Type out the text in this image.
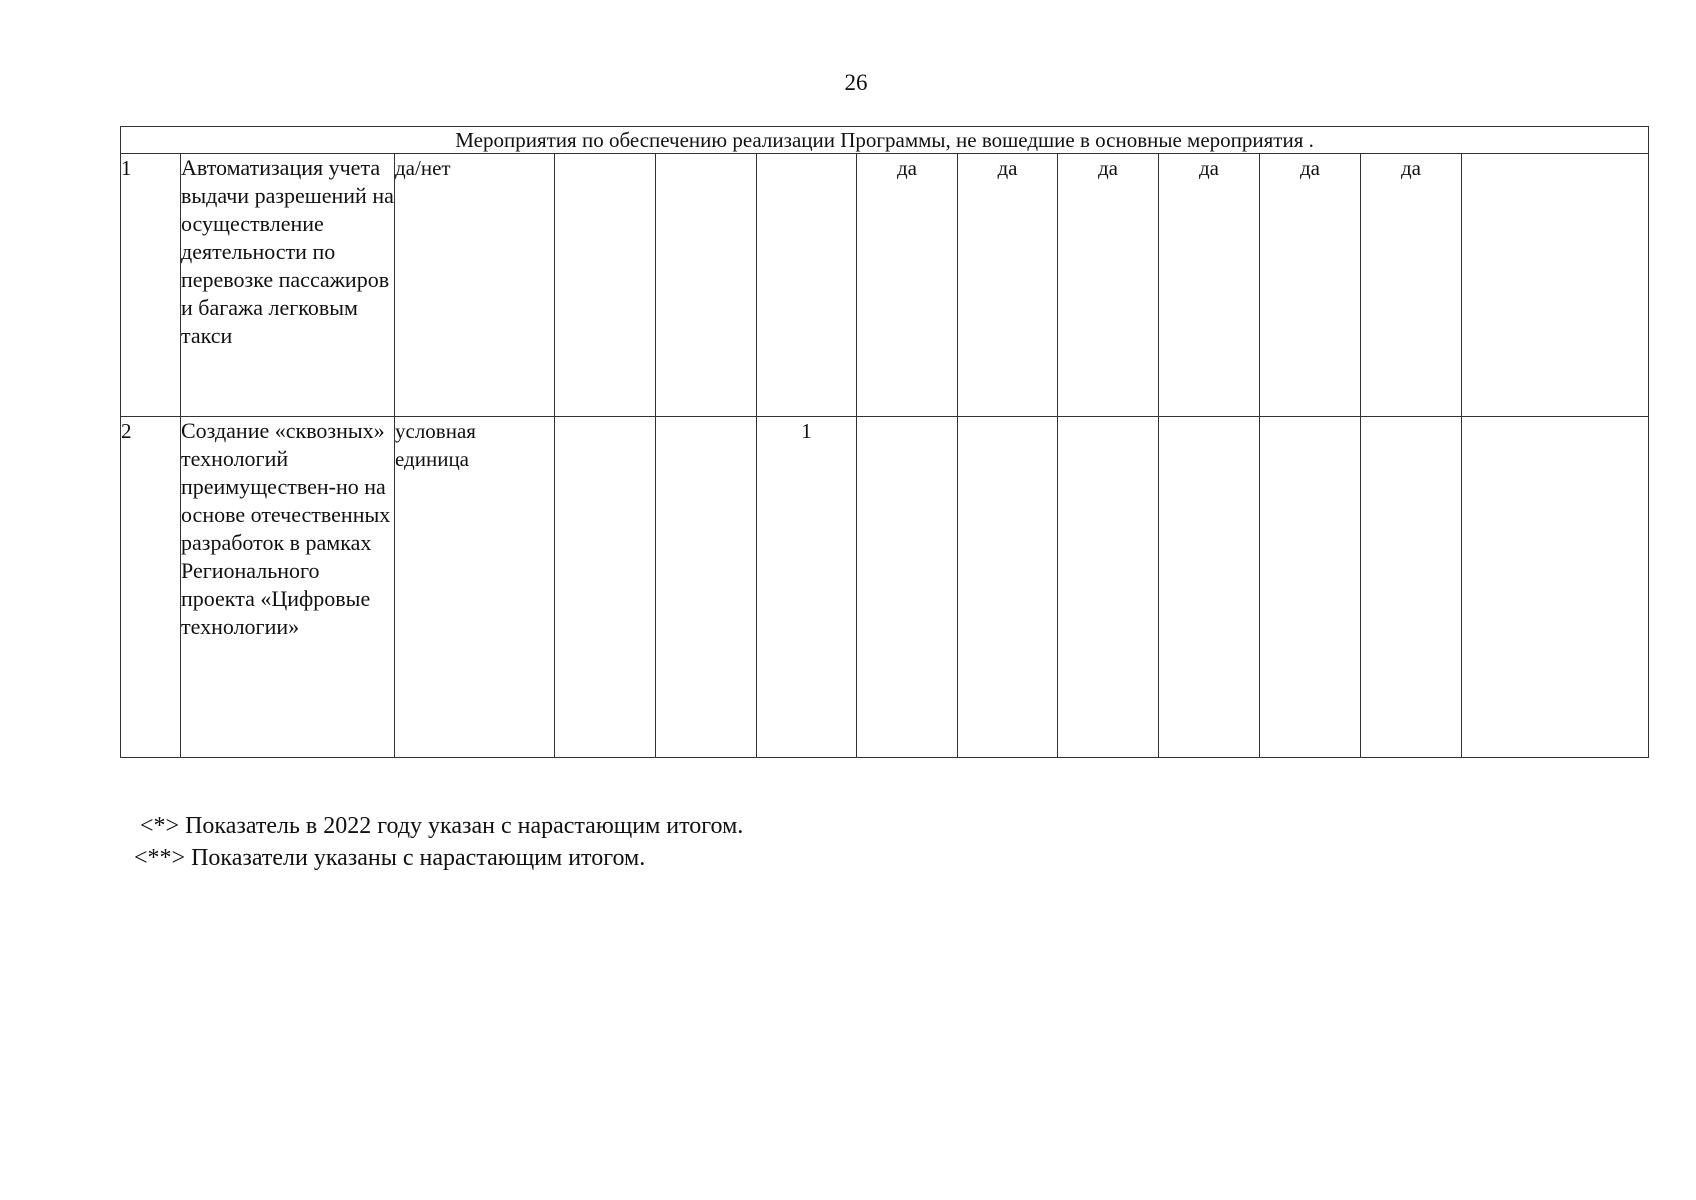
26
Мероприятия по обеспечению реализации Программы, не вошедшие в основные мероприятия .												
1	Автоматизация учета выдачи разрешений на осуществление деятельности по перевозке пассажиров и багажа легковым такси	да/нет				да	да	да	да	да	да	
2	Создание «сквозных» технологий преимуществен-но на основе отечественных разработок в рамках Регионального проекта «Цифровые технологии»	условная единица			1							
<*> Показатель в 2022 году указан с нарастающим итогом.
<**> Показатели указаны с нарастающим итогом.
